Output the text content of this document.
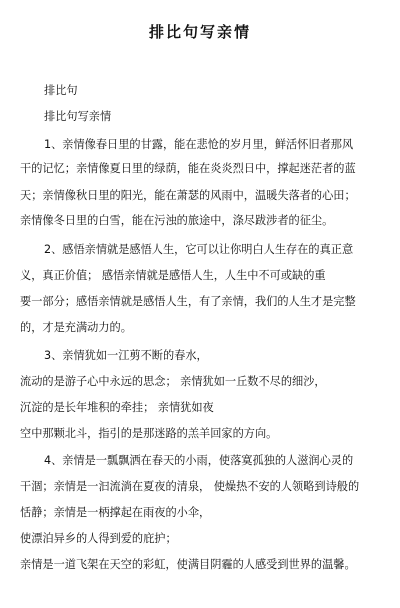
排比句写亲情
排比句
排比句写亲情
1、亲情像春日里的甘露，能在悲怆的岁月里，鲜活怀旧者那风
干的记忆；亲情像夏日里的绿荫，能在炎炎烈日中，撑起迷茫者的蓝
天；亲情像秋日里的阳光，能在萧瑟的风雨中，温暖失落者的心田；
亲情像冬日里的白雪，能在污浊的旅途中，涤尽跋涉者的征尘。
2、感悟亲情就是感悟人生，它可以让你明白人生存在的真正意
义，真正价值； 感悟亲情就是感悟人生，人生中不可或缺的重
要一部分；感悟亲情就是感悟人生，有了亲情，我们的人生才是完整
的，才是充满动力的。
3、亲情犹如一江剪不断的春水，
流动的是游子心中永远的思念； 亲情犹如一丘数不尽的细沙，
沉淀的是长年堆积的牵挂； 亲情犹如夜
空中那颗北斗，指引的是那迷路的羔羊回家的方向。
4、亲情是一瓢飘洒在春天的小雨，使落寞孤独的人滋润心灵的
干涸；亲情是一汩流淌在夏夜的清泉， 使燥热不安的人领略到诗般的
恬静；亲情是一柄撑起在雨夜的小伞，
使漂泊异乡的人得到爱的庇护；
亲情是一道飞架在天空的彩虹，使满目阴霾的人感受到世界的温馨。
